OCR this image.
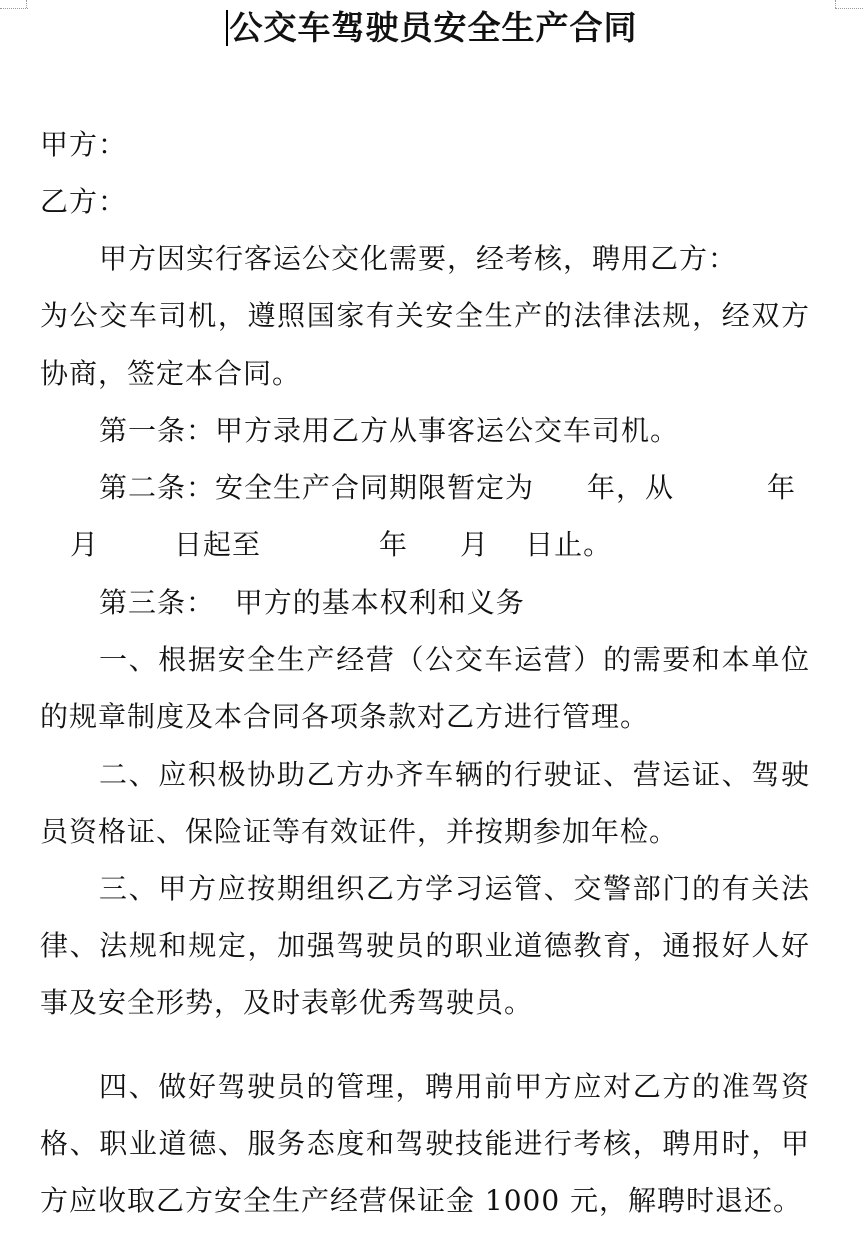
公交车驾驶员安全生产合同
甲方：
乙方：
甲方因实行客运公交化需要，经考核，聘用乙方：
为公交车司机，遵照国家有关安全生产的法律法规，经双方
协商，签定本合同。
第一条：甲方录用乙方从事客运公交车司机。
第二条：安全生产合同期限暂定为 年，从	年
月	日起至	年 月 日止。
第三条：  甲方的基本权利和义务
一、根据安全生产经营（公交车运营）的需要和本单位
的规章制度及本合同各项条款对乙方进行管理。
二、应积极协助乙方办齐车辆的行驶证、营运证、驾驶
员资格证、保险证等有效证件，并按期参加年检。
三、甲方应按期组织乙方学习运管、交警部门的有关法
律、法规和规定，加强驾驶员的职业道德教育，通报好人好
事及安全形势，及时表彰优秀驾驶员。
四、做好驾驶员的管理，聘用前甲方应对乙方的准驾资
格、职业道德、服务态度和驾驶技能进行考核，聘用时，甲
方应收取乙方安全生产经营保证金 1000 元，解聘时退还。
